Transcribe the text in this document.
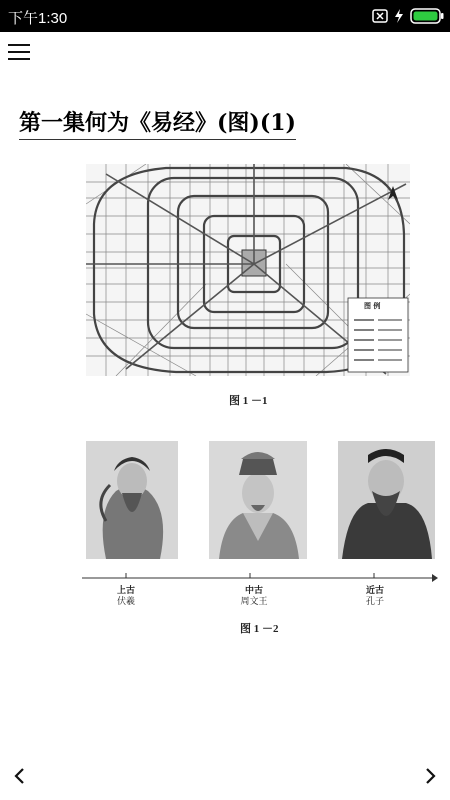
下午1:30
第一集何为《易经》(图)(1)
图 例
图 1 －1
上古
伏羲
中古
周文王
近古
孔子
图 1 －2
